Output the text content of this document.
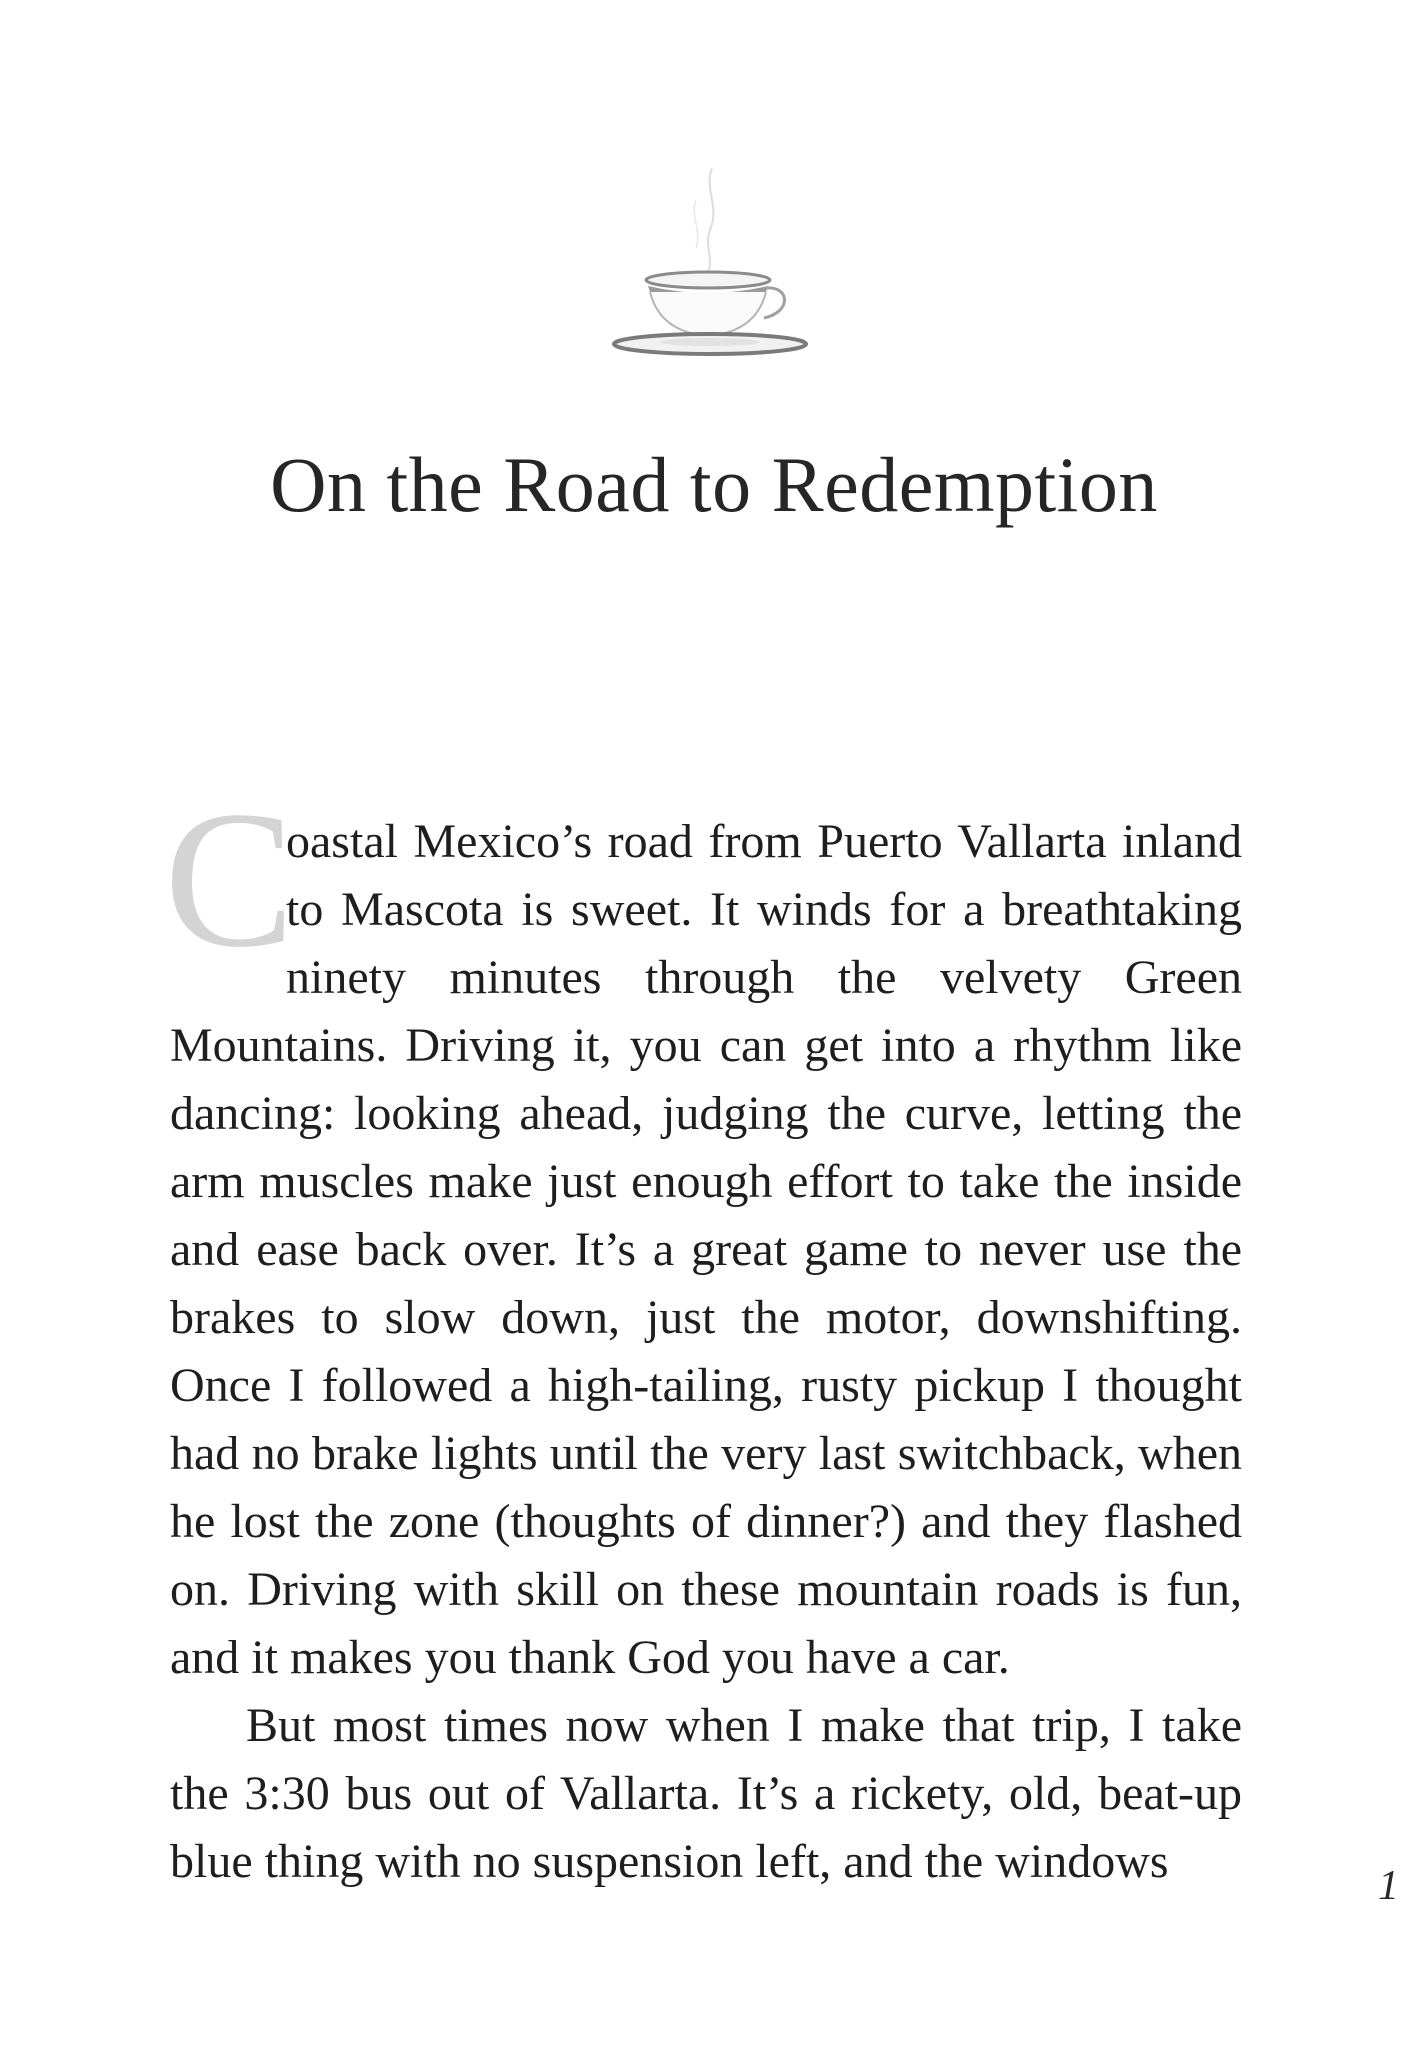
On the Road to Redemption
C

oastal Mexico’s road from Puerto Vallarta inland to Mascota is sweet. It winds for a breathtaking ninety minutes through the velvety Green Mountains. Driving it, you can get into a rhythm like dancing: looking ahead, judging the curve, letting the arm muscles make just enough effort to take the inside and ease back over. It’s a great game to never use the brakes to slow down, just the motor, downshifting. Once I followed a high-tailing, rusty pickup I thought had no brake lights until the very last switchback, when he lost the zone (thoughts of dinner?) and they flashed on. Driving with skill on these mountain roads is fun, and it makes you thank God you have a car.

But most times now when I make that trip, I take the 3:30 bus out of Vallarta. It’s a rickety, old, beat-up blue thing with no suspension left, and the windows	1
